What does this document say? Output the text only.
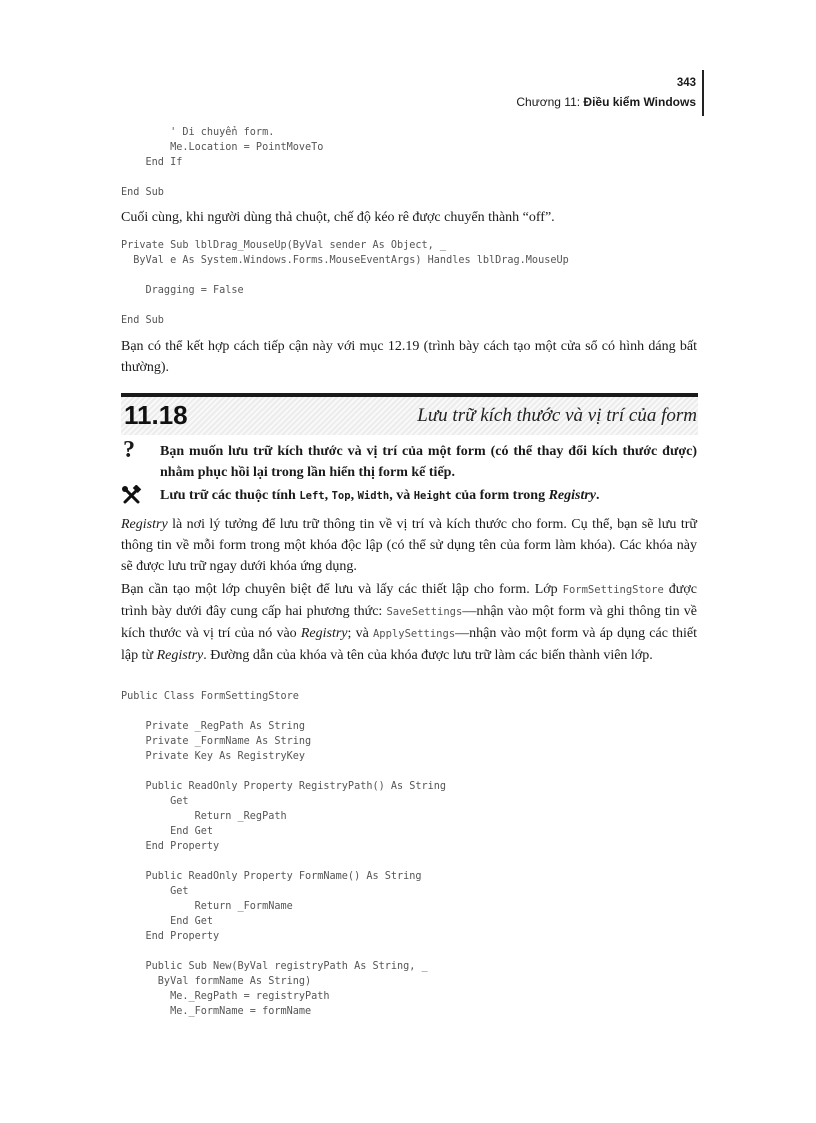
343
Chương 11: Điều kiểm Windows
' Di chuyển form.
Me.Location = PointMoveTo
End If

End Sub
Cuối cùng, khi người dùng thả chuột, chế độ kéo rê được chuyển thành “off”.
Private Sub lblDrag_MouseUp(ByVal sender As Object, _
ByVal e As System.Windows.Forms.MouseEventArgs) Handles lblDrag.MouseUp

Dragging = False

End Sub
Bạn có thể kết hợp cách tiếp cận này với mục 12.19 (trình bày cách tạo một cửa sổ có hình dáng bất thường).
11.18	Lưu trữ kích thước và vị trí của form
? Bạn muốn lưu trữ kích thước và vị trí của một form (có thể thay đổi kích thước được) nhằm phục hồi lại trong lần hiển thị form kế tiếp.
Lưu trữ các thuộc tính Left, Top, Width, và Height của form trong Registry.
Registry là nơi lý tưởng để lưu trữ thông tin về vị trí và kích thước cho form. Cụ thể, bạn sẽ lưu trữ thông tin về mỗi form trong một khóa độc lập (có thể sử dụng tên của form làm khóa). Các khóa này sẽ được lưu trữ ngay dưới khóa ứng dụng.
Bạn cần tạo một lớp chuyên biệt để lưu và lấy các thiết lập cho form. Lớp FormSettingStore được trình bày dưới đây cung cấp hai phương thức: SaveSettings—nhận vào một form và ghi thông tin về kích thước và vị trí của nó vào Registry; và ApplySettings—nhận vào một form và áp dụng các thiết lập từ Registry. Đường dẫn của khóa và tên của khóa được lưu trữ làm các biến thành viên lớp.
Public Class FormSettingStore

Private _RegPath As String
Private _FormName As String
Private Key As RegistryKey

Public ReadOnly Property RegistryPath() As String
Get
Return _RegPath
End Get
End Property

Public ReadOnly Property FormName() As String
Get
Return _FormName
End Get
End Property

Public Sub New(ByVal registryPath As String, _
ByVal formName As String)
Me._RegPath = registryPath
Me._FormName = formName
